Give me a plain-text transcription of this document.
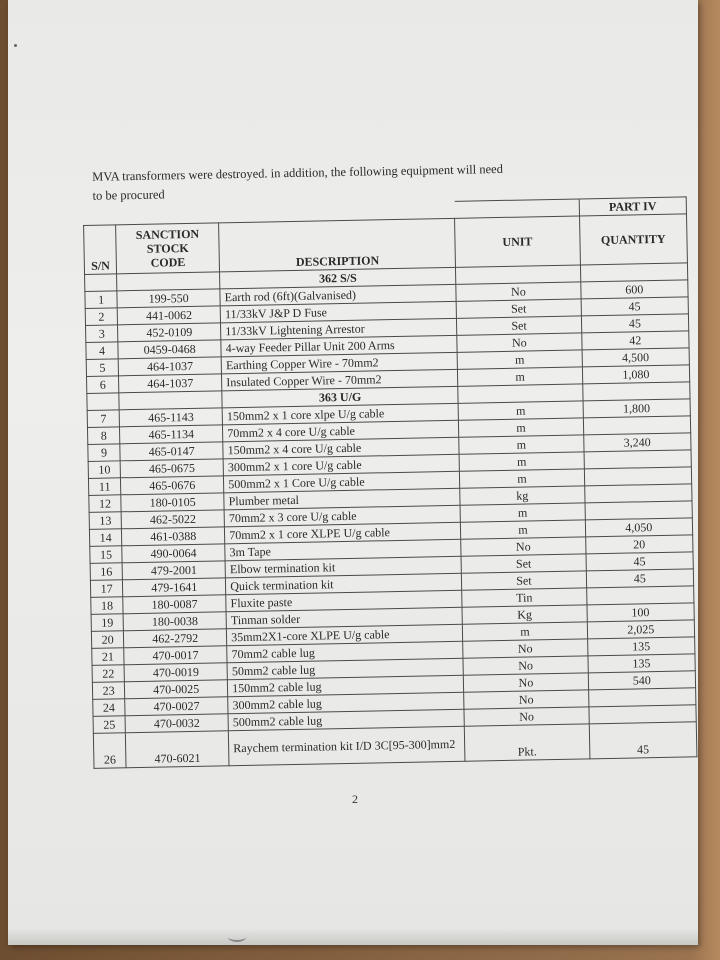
MVA transformers were destroyed. in addition, the following equipment will need
to be procured
				PART IV
S/N	SANCTION
STOCK
CODE	DESCRIPTION	UNIT	QUANTITY
		362 S/S		
1	199-550	Earth rod (6ft)(Galvanised)	No	600
2	441-0062	11/33kV J&P D Fuse	Set	45
3	452-0109	11/33kV Lightening Arrestor	Set	45
4	0459-0468	4-way Feeder Pillar Unit 200 Arms	No	42
5	464-1037	Earthing Copper Wire - 70mm2	m	4,500
6	464-1037	Insulated Copper Wire - 70mm2	m	1,080
		363 U/G		
7	465-1143	150mm2 x 1 core xlpe U/g cable	m	1,800
8	465-1134	70mm2 x 4 core U/g cable	m	
9	465-0147	150mm2 x 4 core U/g cable	m	3,240
10	465-0675	300mm2 x 1 core U/g cable	m	
11	465-0676	500mm2 x 1 Core U/g cable	m	
12	180-0105	Plumber metal	kg	
13	462-5022	70mm2 x 3 core U/g cable	m	
14	461-0388	70mm2 x 1 core XLPE U/g cable	m	4,050
15	490-0064	3m Tape	No	20
16	479-2001	Elbow termination kit	Set	45
17	479-1641	Quick termination kit	Set	45
18	180-0087	Fluxite paste	Tin	
19	180-0038	Tinman solder	Kg	100
20	462-2792	35mm2X1-core XLPE U/g cable	m	2,025
21	470-0017	70mm2 cable lug	No	135
22	470-0019	50mm2 cable lug	No	135
23	470-0025	150mm2 cable lug	No	540
24	470-0027	300mm2 cable lug	No	
25	470-0032	500mm2 cable lug	No	
26	470-6021	Raychem termination kit I/D 3C[95-300]mm2	Pkt.	45
2
